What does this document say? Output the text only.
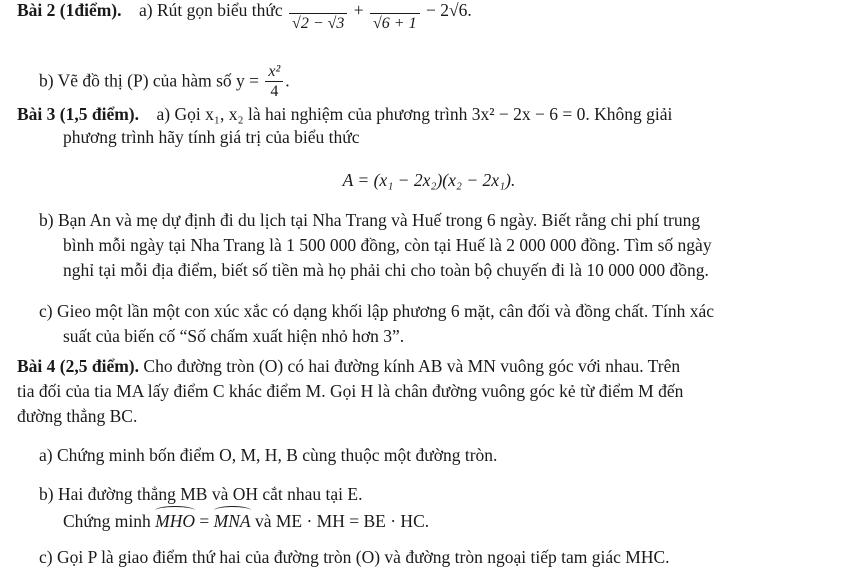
Bài 2 (1điểm). a) Rút gọn biểu thức

√2 − √3
+

√6 + 1
− 2√6.
b) Vẽ đồ thị (P) của hàm số $y = \frac{\text{x²}}{4}$ .
Bài 3 (1,5 điểm). a) Gọi x₁, x₂ là hai nghiệm của phương trình 3x² − 2x − 6 = 0. Không giải
phương trình hãy tính giá trị của biểu thức
A = (x₁ − 2x₂)(x₂ − 2x₁).
b) Bạn An và mẹ dự định đi du lịch tại Nha Trang và Huế trong 6 ngày. Biết rằng chi phí trung
bình mỗi ngày tại Nha Trang là 1 500 000 đồng, còn tại Huế là 2 000 000 đồng. Tìm số ngày
nghỉ tại mỗi địa điểm, biết số tiền mà họ phải chi cho toàn bộ chuyến đi là 10 000 000 đồng.
c) Gieo một lần một con xúc xắc có dạng khối lập phương 6 mặt, cân đối và đồng chất. Tính xác
suất của biến cố “Số chấm xuất hiện nhỏ hơn 3”.
Bài 4 (2,5 điểm). Cho đường tròn (O) có hai đường kính AB và MN vuông góc với nhau. Trên
tia đối của tia MA lấy điểm C khác điểm M. Gọi H là chân đường vuông góc kẻ từ điểm M đến
đường thẳng BC.
a) Chứng minh bốn điểm O, M, H, B cùng thuộc một đường tròn.
b) Hai đường thẳng MB và OH cắt nhau tại E.
Chứng minh MHO = MNA và ME · MH = BE · HC.
c) Gọi P là giao điểm thứ hai của đường tròn (O) và đường tròn ngoại tiếp tam giác MHC.
